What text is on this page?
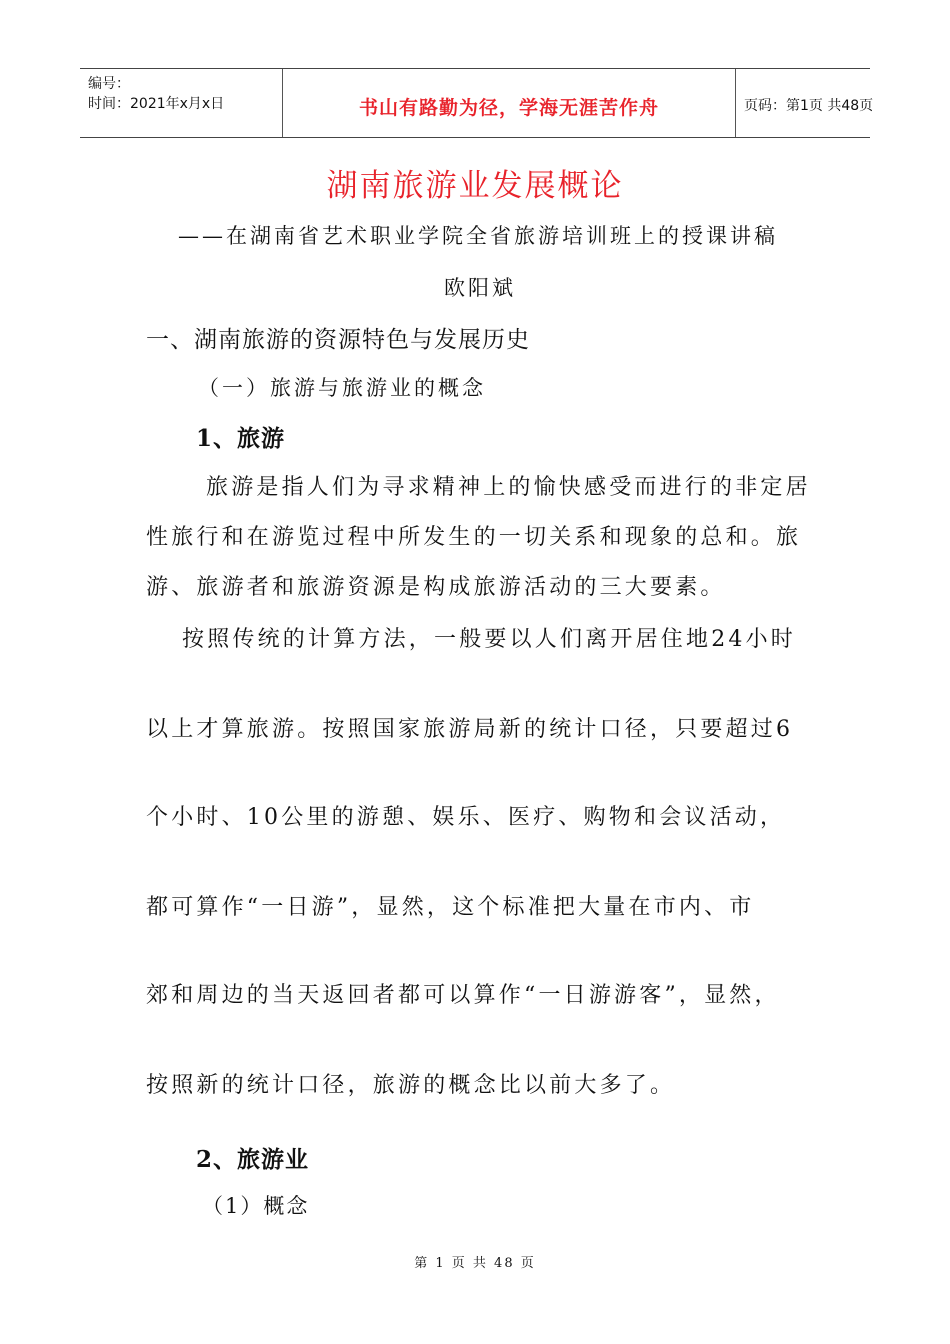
编号：
时间：2021年x月x日	书山有路勤为径，学海无涯苦作舟	页码：第1页 共48页
湖南旅游业发展概论
——在湖南省艺术职业学院全省旅游培训班上的授课讲稿
欧阳斌
一、湖南旅游的资源特色与发展历史
（一）旅游与旅游业的概念
1、旅游
旅游是指人们为寻求精神上的愉快感受而进行的非定居
性旅行和在游览过程中所发生的一切关系和现象的总和。旅
游、旅游者和旅游资源是构成旅游活动的三大要素。
按照传统的计算方法，一般要以人们离开居住地24小时
以上才算旅游。按照国家旅游局新的统计口径，只要超过6
个小时、10公里的游憩、娱乐、医疗、购物和会议活动，
都可算作“一日游”，显然，这个标准把大量在市内、市
郊和周边的当天返回者都可以算作“一日游游客”，显然，
按照新的统计口径，旅游的概念比以前大多了。
2、旅游业
（1）概念
第 1 页 共 48 页
